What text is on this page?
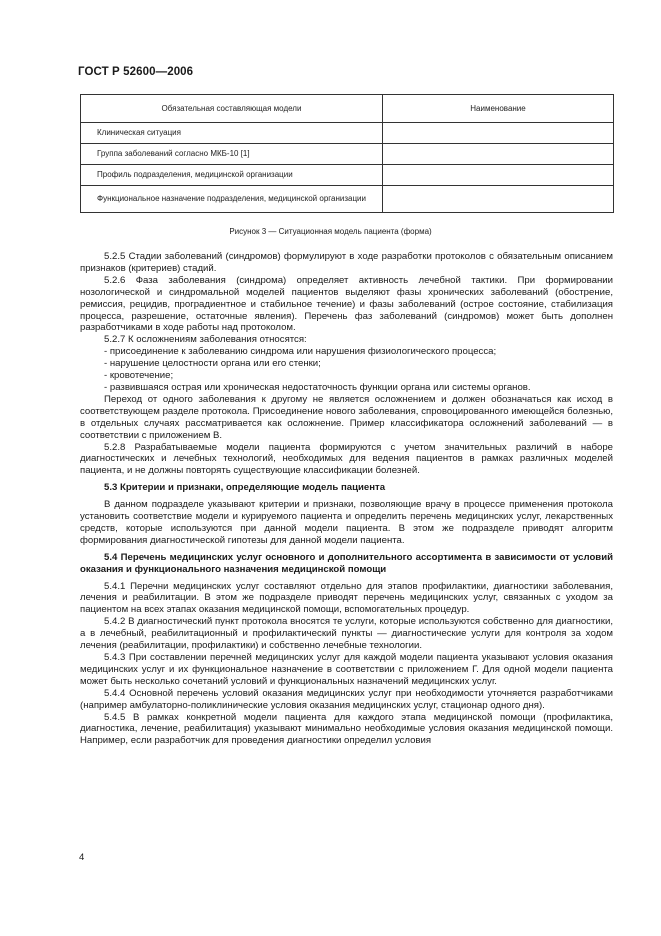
ГОСТ Р 52600—2006
Обязательная составляющая модели	Наименование
Клиническая ситуация	
Группа заболеваний согласно МКБ-10 [1]	
Профиль подразделения, медицинской организации	
Функциональное назначение подразделения, медицинской организации	
Рисунок 3 — Ситуационная модель пациента (форма)

5.2.5 Стадии заболеваний (синдромов) формулируют в ходе разработки протоколов с обязательным описанием признаков (критериев) стадий.

5.2.6 Фаза заболевания (синдрома) определяет активность лечебной тактики. При формировании нозологической и синдромальной моделей пациентов выделяют фазы хронических заболеваний (обострение, ремиссия, рецидив, проградиентное и стабильное течение) и фазы заболеваний (острое состояние, стабилизация процесса, разрешение, остаточные явления). Перечень фаз заболеваний (синдромов) может быть дополнен разработчиками в ходе работы над протоколом.

5.2.7 К осложнениям заболевания относятся:

- присоединение к заболеванию синдрома или нарушения физиологического процесса;

- нарушение целостности органа или его стенки;

- кровотечение;

- развившаяся острая или хроническая недостаточность функции органа или системы органов.

Переход от одного заболевания к другому не является осложнением и должен обозначаться как исход в соответствующем разделе протокола. Присоединение нового заболевания, спровоцированного имеющейся болезнью, в отдельных случаях рассматривается как осложнение. Пример классификатора осложнений заболеваний — в соответствии с приложением В.

5.2.8 Разрабатываемые модели пациента формируются с учетом значительных различий в наборе диагностических и лечебных технологий, необходимых для ведения пациентов в рамках различных моделей пациента, и не должны повторять существующие классификации болезней.

5.3 Критерии и признаки, определяющие модель пациента

В данном подразделе указывают критерии и признаки, позволяющие врачу в процессе применения протокола установить соответствие модели и курируемого пациента и определить перечень медицинских услуг, лекарственных средств, которые используются при данной модели пациента. В этом же подразделе приводят алгоритм формирования диагностической гипотезы для данной модели пациента.

5.4 Перечень медицинских услуг основного и дополнительного ассортимента в зависимости от условий оказания и функционального назначения медицинской помощи

5.4.1 Перечни медицинских услуг составляют отдельно для этапов профилактики, диагностики заболевания, лечения и реабилитации. В этом же подразделе приводят перечень медицинских услуг, связанных с уходом за пациентом на всех этапах оказания медицинской помощи, вспомогательных процедур.

5.4.2 В диагностический пункт протокола вносятся те услуги, которые используются собственно для диагностики, а в лечебный, реабилитационный и профилактический пункты — диагностические услуги для контроля за ходом лечения (реабилитации, профилактики) и собственно лечебные технологии.

5.4.3 При составлении перечней медицинских услуг для каждой модели пациента указывают условия оказания медицинских услуг и их функциональное назначение в соответствии с приложением Г. Для одной модели пациента может быть несколько сочетаний условий и функциональных назначений медицинских услуг.

5.4.4 Основной перечень условий оказания медицинских услуг при необходимости уточняется разработчиками (например амбулаторно-поликлинические условия оказания медицинских услуг, стационар одного дня).

5.4.5 В рамках конкретной модели пациента для каждого этапа медицинской помощи (профилактика, диагностика, лечение, реабилитация) указывают минимально необходимые условия оказания медицинской помощи. Например, если разработчик для проведения диагностики определил условия

4
